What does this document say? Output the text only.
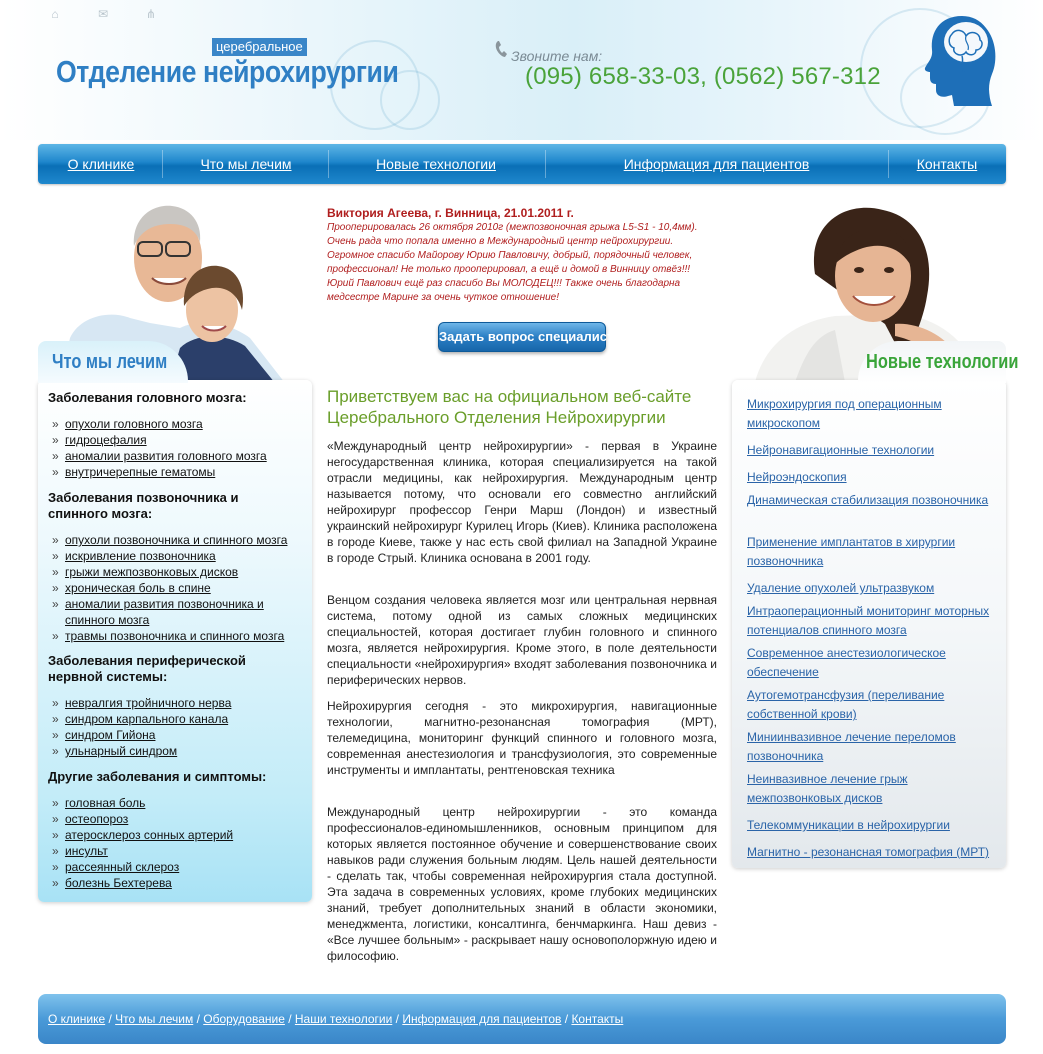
⌂	✉	⋔
церебральное
Отделение нейрохирургии	Звоните нам:
(095) 658-33-03, (0562) 567-312
О клинике	Что мы лечим	Новые технологии	Информация для пациентов	Контакты
Что мы лечим
Заболевания головного мозга:
» опухоли головного мозга
» гидроцефалия
» аномалии развития головного мозга
» внутричерепные гематомы
Заболевания позвоночника и спинного мозга:
» опухоли позвоночника и спинного мозга
» искривление позвоночника
» грыжи межпозвонковых дисков
» хроническая боль в спине
» аномалии развития позвоночника и спинного мозга
» травмы позвоночника и спинного мозга
Заболевания периферической нервной системы:
» невралгия тройничного нерва
» синдром карпального канала
» синдром Гийона
» ульнарный синдром
Другие заболевания и симптомы:
» головная боль
» остеопороз
» атеросклероз сонных артерий
» инсульт
» рассеянный склероз
» болезнь Бехтерева
Виктория Агеева, г. Винница, 21.01.2011 г.
Прооперировалась 26 октября 2010г (межпозвоночная грыжа L5-S1 - 10,4мм). Очень рада что попала именно в Международный центр нейрохирургии. Огромное спасибо Майорову Юрию Павловичу, добрый, порядочный человек, профессионал! Не только прооперировал, а ещё и домой в Винницу отвёз!!! Юрий Павлович ещё раз спасибо Вы МОЛОДЕЦ!!! Также очень благодарна медсестре Марине за очень чуткое отношение!
Задать вопрос специалисту
Приветствуем вас на официальном веб-сайте Церебрального Отделения Нейрохирургии

«Международный центр нейрохирургии» - первая в Украине негосударственная клиника, которая специализируется на такой отрасли медицины, как нейрохирургия. Международным центр называется потому, что основали его совместно английский нейрохирург профессор Генри Марш (Лондон) и известный украинский нейрохирург Курилец Игорь (Киев). Клиника расположена в городе Киеве, также у нас есть свой филиал на Западной Украине в городе Стрый. Клиника основана в 2001 году.

Венцом создания человека является мозг или центральная нервная система, потому одной из самых сложных медицинских специальностей, которая достигает глубин головного и спинного мозга, является нейрохирургия. Кроме этого, в поле деятельности специальности «нейрохирургия» входят заболевания позвоночника и периферических нервов.

Нейрохирургия сегодня - это микрохирургия, навигационные технологии, магнитно-резонансная томография (МРТ), телемедицина, мониторинг функций спинного и головного мозга, современная анестезиология и трансфузиология, это современные инструменты и имплантаты, рентгеновская техника

Международный центр нейрохирургии - это команда профессионалов-единомышленников, основным принципом для которых является постоянное обучение и совершенствование своих навыков ради служения больным людям. Цель нашей деятельности - сделать так, чтобы современная нейрохирургия стала доступной. Эта задача в современных условиях, кроме глубоких медицинских знаний, требует дополнительных знаний в области экономики, менеджмента, логистики, консалтинга, бенчмаркинга. Наш девиз - «Все лучшее больным» - раскрывает нашу основополоржную идею и философию.

Новые технологии
Микрохирургия под операционным микроскопом
Нейронавигационные технологии
Нейроэндоскопия
Динамическая стабилизация позвоночника
Применение имплантатов в хирургии позвоночника
Удаление опухолей ультразвуком
Интраоперационный мониторинг моторных потенциалов спинного мозга
Современное анестезиологическое обеспечение
Аутогемотрансфузия (переливание собственной крови)
Миниинвазивное лечение переломов позвоночника
Неинвазивное лечение грыж межпозвонковых дисков
Телекоммуникации в нейрохирургии
Магнитно - резонансная томография (МРТ)
О клинике / Что мы лечим / Оборудование / Наши технологии / Информация для пациентов / Контакты
